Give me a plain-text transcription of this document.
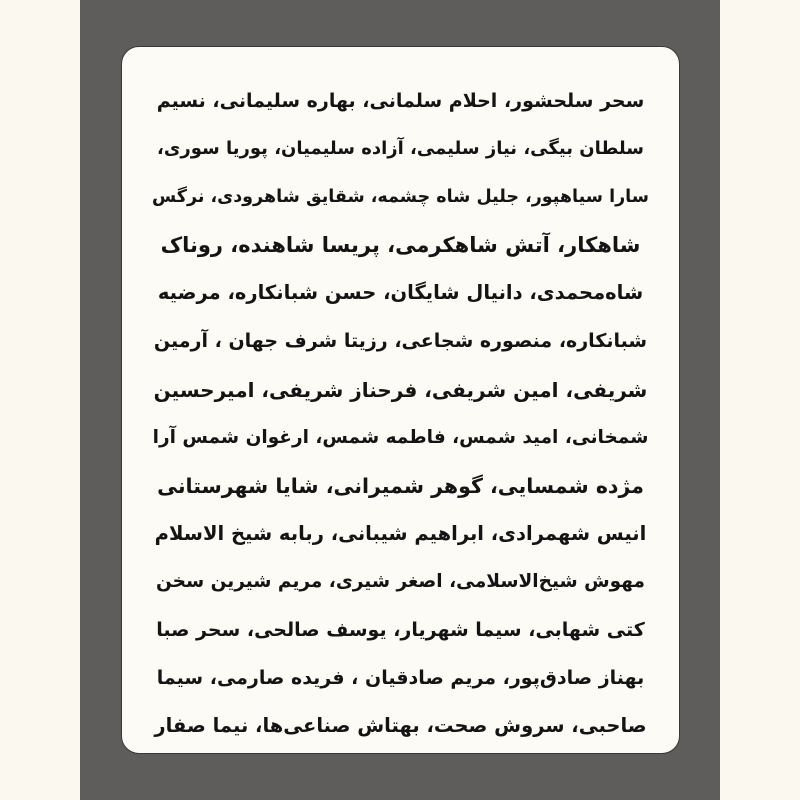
سحر سلحشور، احلام سلمانی، بهاره سلیمانی، نسیم
سلطان بیگی، نیاز سلیمی، آزاده سلیمیان، پوریا سوری،
سارا سیاهپور، جلیل شاه چشمه، شقایق شاهرودی، نرگس
شاهکار، آتش شاهکرمی، پریسا شاهنده، روناک
شاه‌محمدی، دانیال شایگان، حسن شبانکاره، مرضیه
شبانکاره، منصوره شجاعی، رزیتا شرف جهان ، آرمین
شریفی، امین شریفی، فرحناز شریفی، امیرحسین
شمخانی، امید شمس، فاطمه شمس، ارغوان شمس آرا
مژده شمسایی، گوهر شمیرانی، شایا شهرستانی
انیس شهمرادی، ابراهیم شیبانی، ربابه شیخ الاسلام
مهوش شیخ‌الاسلامی، اصغر شیری، مریم شیرین سخن
کتی شهابی، سیما شهریار، یوسف صالحی، سحر صبا
بهناز صادق‌پور، مریم صادقیان ، فریده صارمی، سیما
صاحبی، سروش صحت، بهتاش صناعی‌ها، نیما صفار
